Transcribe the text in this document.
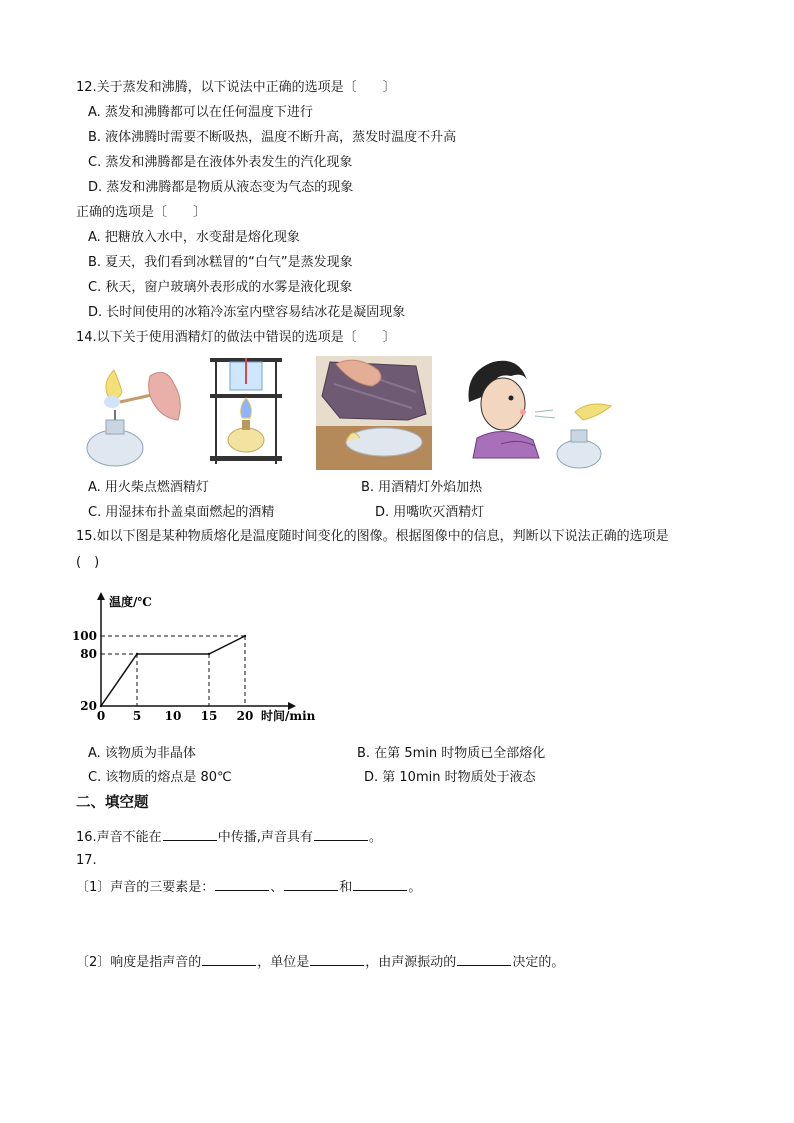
12.关于蒸发和沸腾，以下说法中正确的选项是〔　　〕
A. 蒸发和沸腾都可以在任何温度下进行
B. 液体沸腾时需要不断吸热，温度不断升高，蒸发时温度不升高
C. 蒸发和沸腾都是在液体外表发生的汽化现象
D. 蒸发和沸腾都是物质从液态变为气态的现象
正确的选项是〔　　〕
A. 把糖放入水中，水变甜是熔化现象
B. 夏天，我们看到冰糕冒的“白气”是蒸发现象
C. 秋天，窗户玻璃外表形成的水雾是液化现象
D. 长时间使用的冰箱冷冻室内壁容易结冰花是凝固现象
14.以下关于使用酒精灯的做法中错误的选项是〔　　〕
A. 用火柴点燃酒精灯	B. 用酒精灯外焰加热
C. 用湿抹布扑盖桌面燃起的酒精	D. 用嘴吹灭酒精灯
15.如以下图是某种物质熔化是温度随时间变化的图像。根据图像中的信息，判断以下说法正确的选项是
(　)
温度/℃
时间/min
0 5 10 15 20
20
80
100
A. 该物质为非晶体	B. 在第 5min 时物质已全部熔化
C. 该物质的熔点是 80℃	D. 第 10min 时物质处于液态
二、填空题
16.声音不能在	中传播,声音具有	。
17.
〔1〕声音的三要素是：	、	和	。
〔2〕响度是指声音的	，单位是	，由声源振动的	决定的。
